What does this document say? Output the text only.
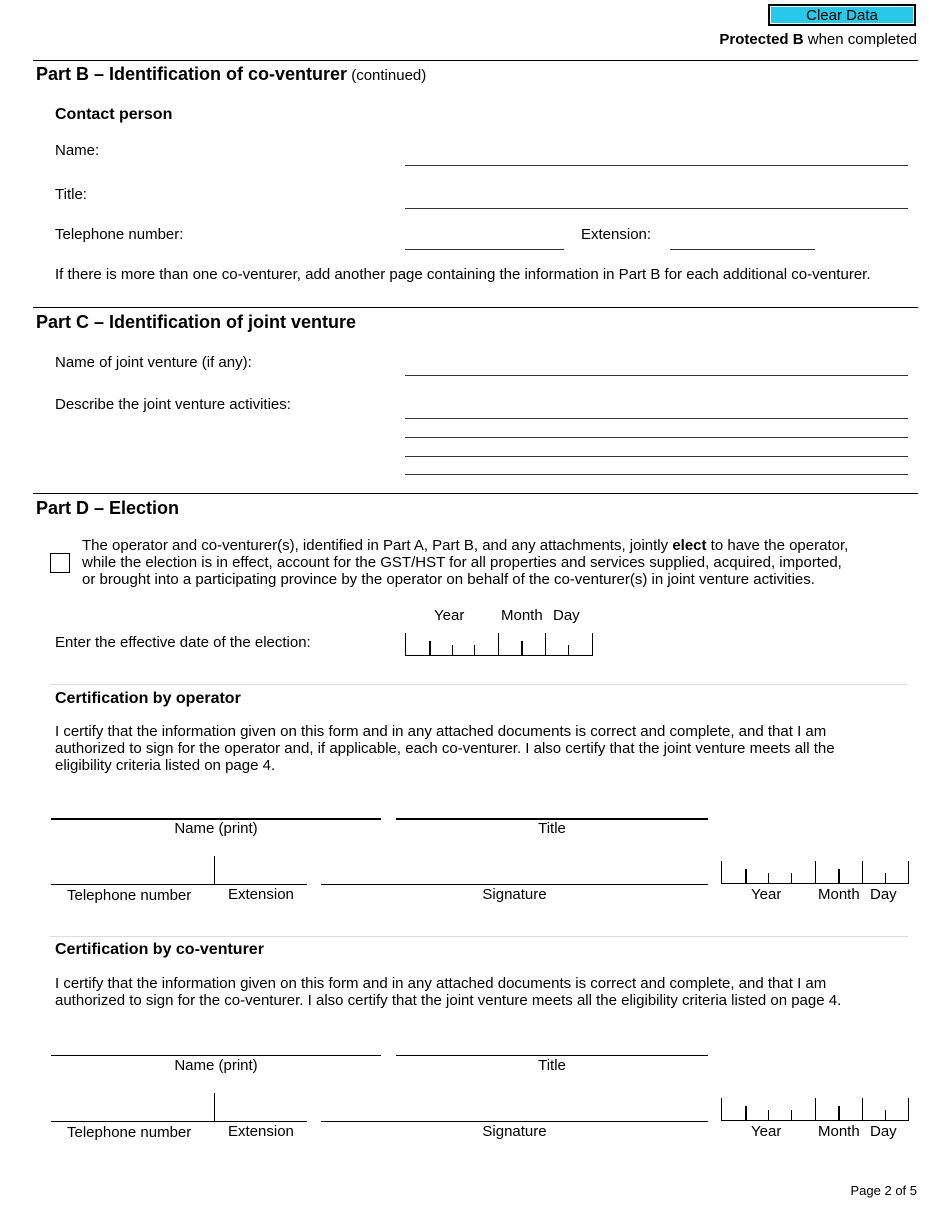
Clear Data
Protected B when completed
Part B – Identification of co-venturer (continued)
Contact person
Name:
Title:
Telephone number:	Extension:
If there is more than one co-venturer, add another page containing the information in Part B for each additional co-venturer.
Part C – Identification of joint venture
Name of joint venture (if any):
Describe the joint venture activities:
Part D – Election
The operator and co-venturer(s), identified in Part A, Part B, and any attachments, jointly elect to have the operator,
while the election is in effect, account for the GST/HST for all properties and services supplied, acquired, imported,
or brought into a participating province by the operator on behalf of the co-venturer(s) in joint venture activities.
Year Month Day
Enter the effective date of the election:
Certification by operator
I certify that the information given on this form and in any attached documents is correct and complete, and that I am
authorized to sign for the operator and, if applicable, each co-venturer. I also certify that the joint venture meets all the
eligibility criteria listed on page 4.
Name (print)	Title
Telephone number Extension	Signature	Year Month Day
Certification by co-venturer
I certify that the information given on this form and in any attached documents is correct and complete, and that I am
authorized to sign for the co-venturer. I also certify that the joint venture meets all the eligibility criteria listed on page 4.
Name (print)	Title
Telephone number Extension	Signature	Year Month Day
Page 2 of 5
